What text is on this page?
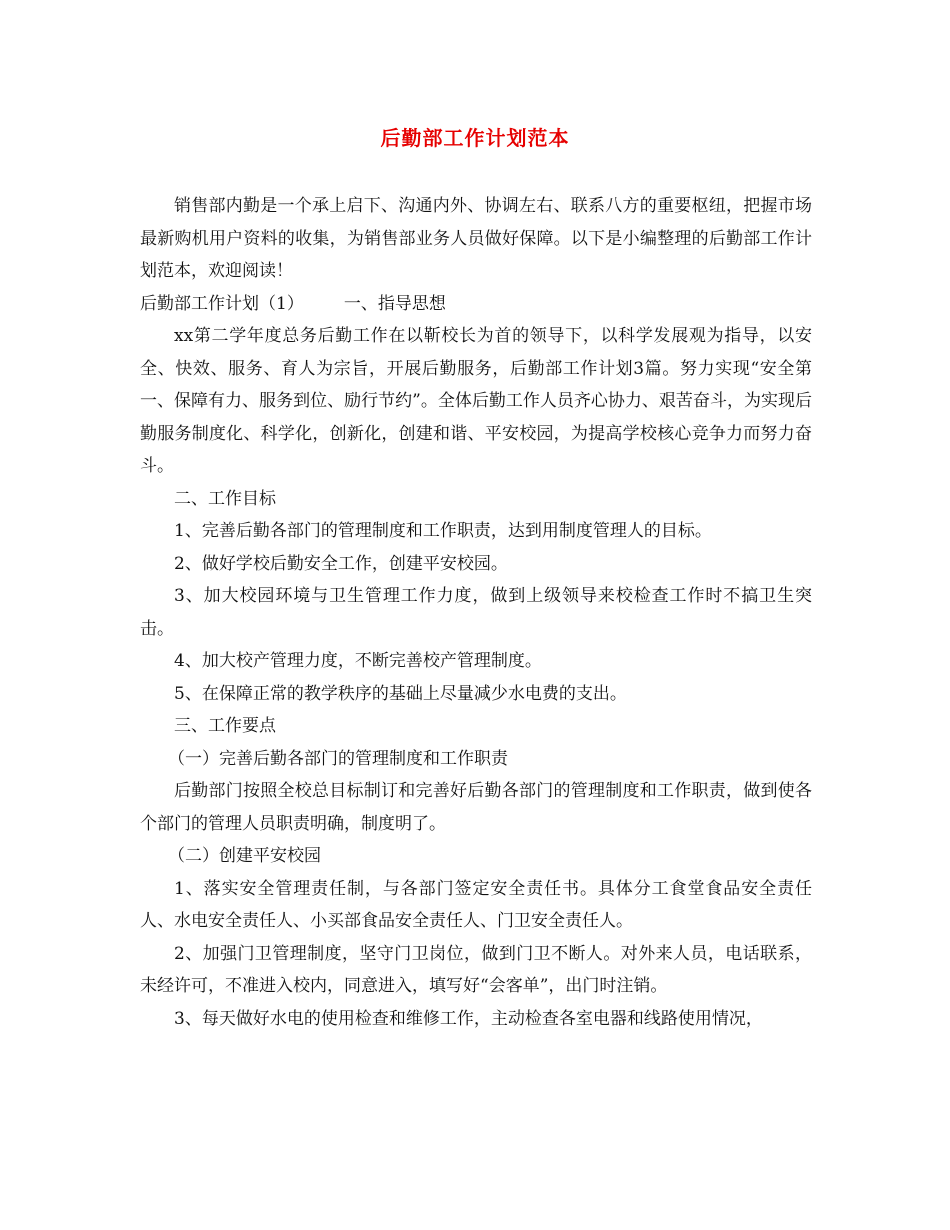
后勤部工作计划范本

销售部内勤是一个承上启下、沟通内外、协调左右、联系八方的重要枢纽，把握市场最新购机用户资料的收集，为销售部业务人员做好保障。以下是小编整理的后勤部工作计划范本，欢迎阅读！

后勤部工作计划（1） 一、指导思想

xx第二学年度总务后勤工作在以靳校长为首的领导下，以科学发展观为指导，以安全、快效、服务、育人为宗旨，开展后勤服务，后勤部工作计划3篇。努力实现“安全第一、保障有力、服务到位、励行节约”。全体后勤工作人员齐心协力、艰苦奋斗，为实现后勤服务制度化、科学化，创新化，创建和谐、平安校园，为提高学校核心竞争力而努力奋斗。

二、工作目标

1、完善后勤各部门的管理制度和工作职责，达到用制度管理人的目标。

2、做好学校后勤安全工作，创建平安校园。

3、加大校园环境与卫生管理工作力度，做到上级领导来校检查工作时不搞卫生突击。

4、加大校产管理力度，不断完善校产管理制度。

5、在保障正常的教学秩序的基础上尽量减少水电费的支出。

三、工作要点

（一）完善后勤各部门的管理制度和工作职责

后勤部门按照全校总目标制订和完善好后勤各部门的管理制度和工作职责，做到使各个部门的管理人员职责明确，制度明了。

（二）创建平安校园

1、落实安全管理责任制，与各部门签定安全责任书。具体分工食堂食品安全责任人、水电安全责任人、小买部食品安全责任人、门卫安全责任人。

2、加强门卫管理制度，坚守门卫岗位，做到门卫不断人。对外来人员，电话联系，未经许可，不准进入校内，同意进入，填写好“会客单”，出门时注销。

3、每天做好水电的使用检查和维修工作，主动检查各室电器和线路使用情况，
